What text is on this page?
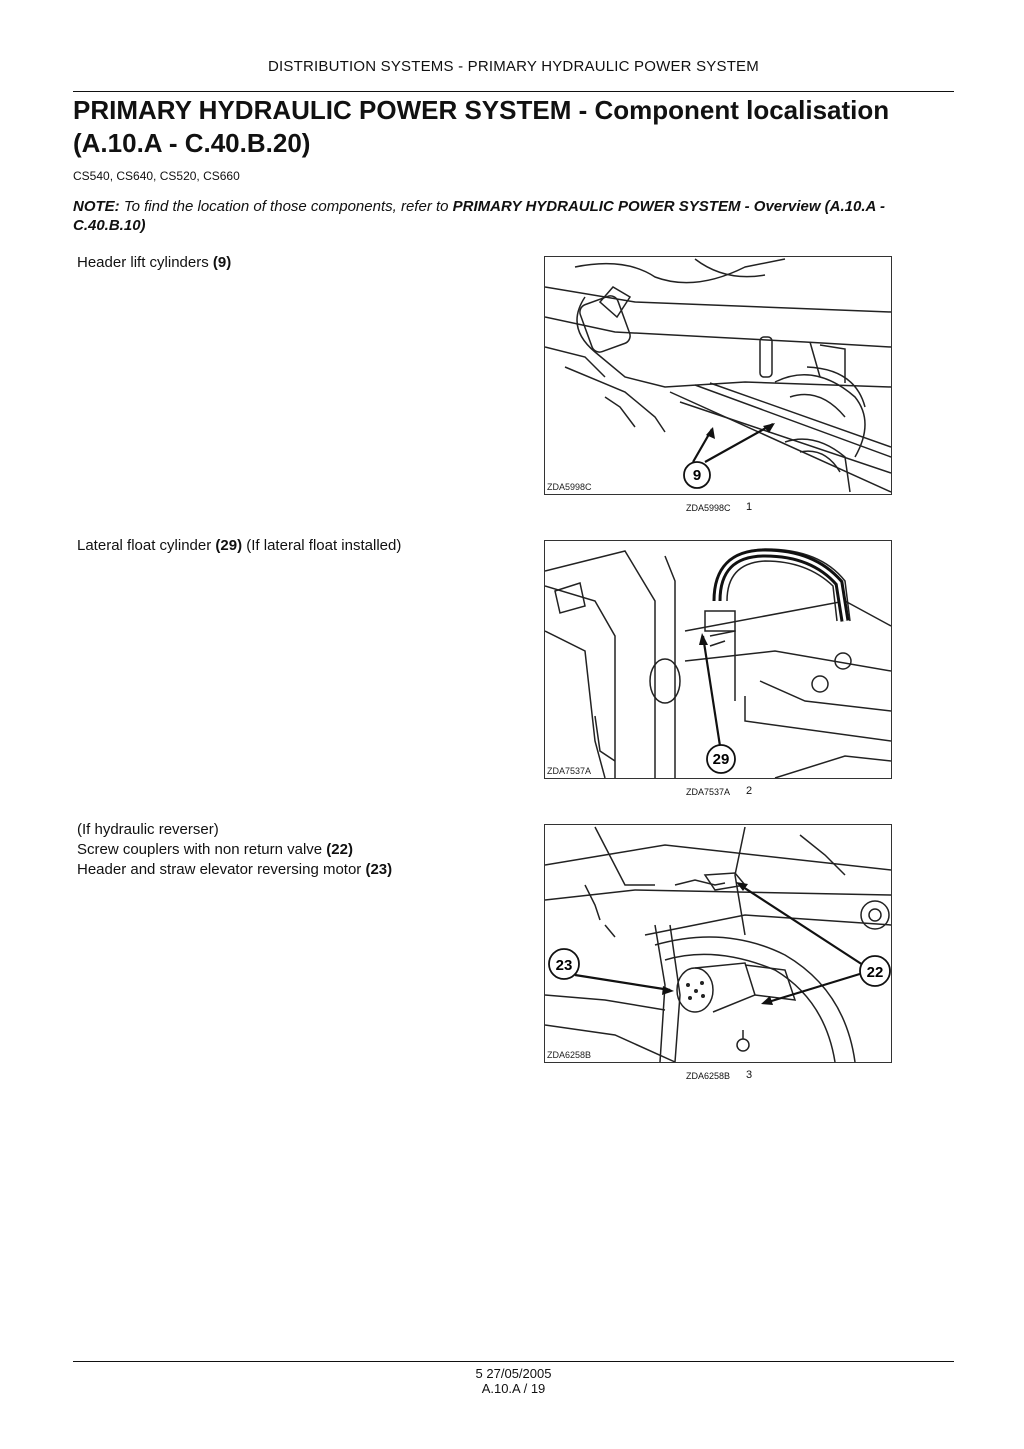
DISTRIBUTION SYSTEMS - PRIMARY HYDRAULIC POWER SYSTEM
PRIMARY HYDRAULIC POWER SYSTEM - Component localisation
(A.10.A - C.40.B.20)
CS540, CS640, CS520, CS660
NOTE: To find the location of those components, refer to PRIMARY HYDRAULIC POWER SYSTEM - Overview (A.10.A - C.40.B.10)
Header lift cylinders (9)
9
ZDA5998C
ZDA5998C 1
Lateral float cylinder (29) (If lateral float installed)
29
ZDA7537A
ZDA7537A 2
(If hydraulic reverser)
Screw couplers with non return valve (22)
Header and straw elevator reversing motor (23)
23	22
ZDA6258B
ZDA6258B 3
5 27/05/2005
A.10.A / 19
